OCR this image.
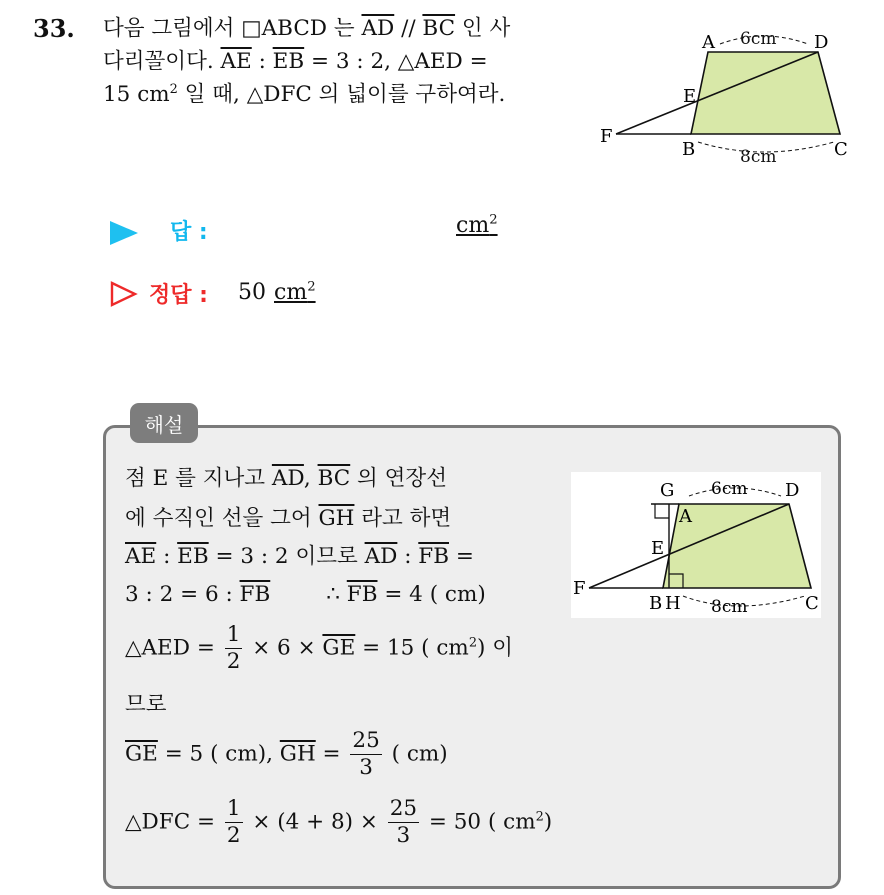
33. 다음 그림에서 □ABCD 는 $\overline{AD} // \overline{BC}$ 인 사
다리꼴이다. $\overline{AE}$ : $\overline{EB} = 3$ : 2, △AED =
15 $cm^2$ 일 때, △DFC 의 넓이를 구하여라.
6cm
8cm
A	D
E
F
B	C
답 :	$cm^2$
정답 : 50 $cm^2$
해설
점 E 를 지나고 $\overline{AD}$, $\overline{BC}$ 의 연장선
에 수직인 선을 그어 $\overline{GH}$ 라고 하면
$\overline{AE}$ : $\overline{EB} = 3$ : 2 이므로 $\overline{AD}$ : $\overline{FB}$ =
3 : 2 = 6 : $\overline{FB}$	∴ $\overline{FB} = 4$ ( cm)
△AED = $\frac{1}{2} \times 6 \times \overline{GE} = 15$ ( $cm^2$) 이
므로
$\overline{GE} = 5$ ( cm), $\overline{GH} = \frac{25}{3}$ ( cm)
△DFC = $\frac{1}{2} \times (4 + 8) \times \frac{25}{3} = 50$ ( $cm^2$)
6cm
8cm
G
A
D
E
F
B H	C
